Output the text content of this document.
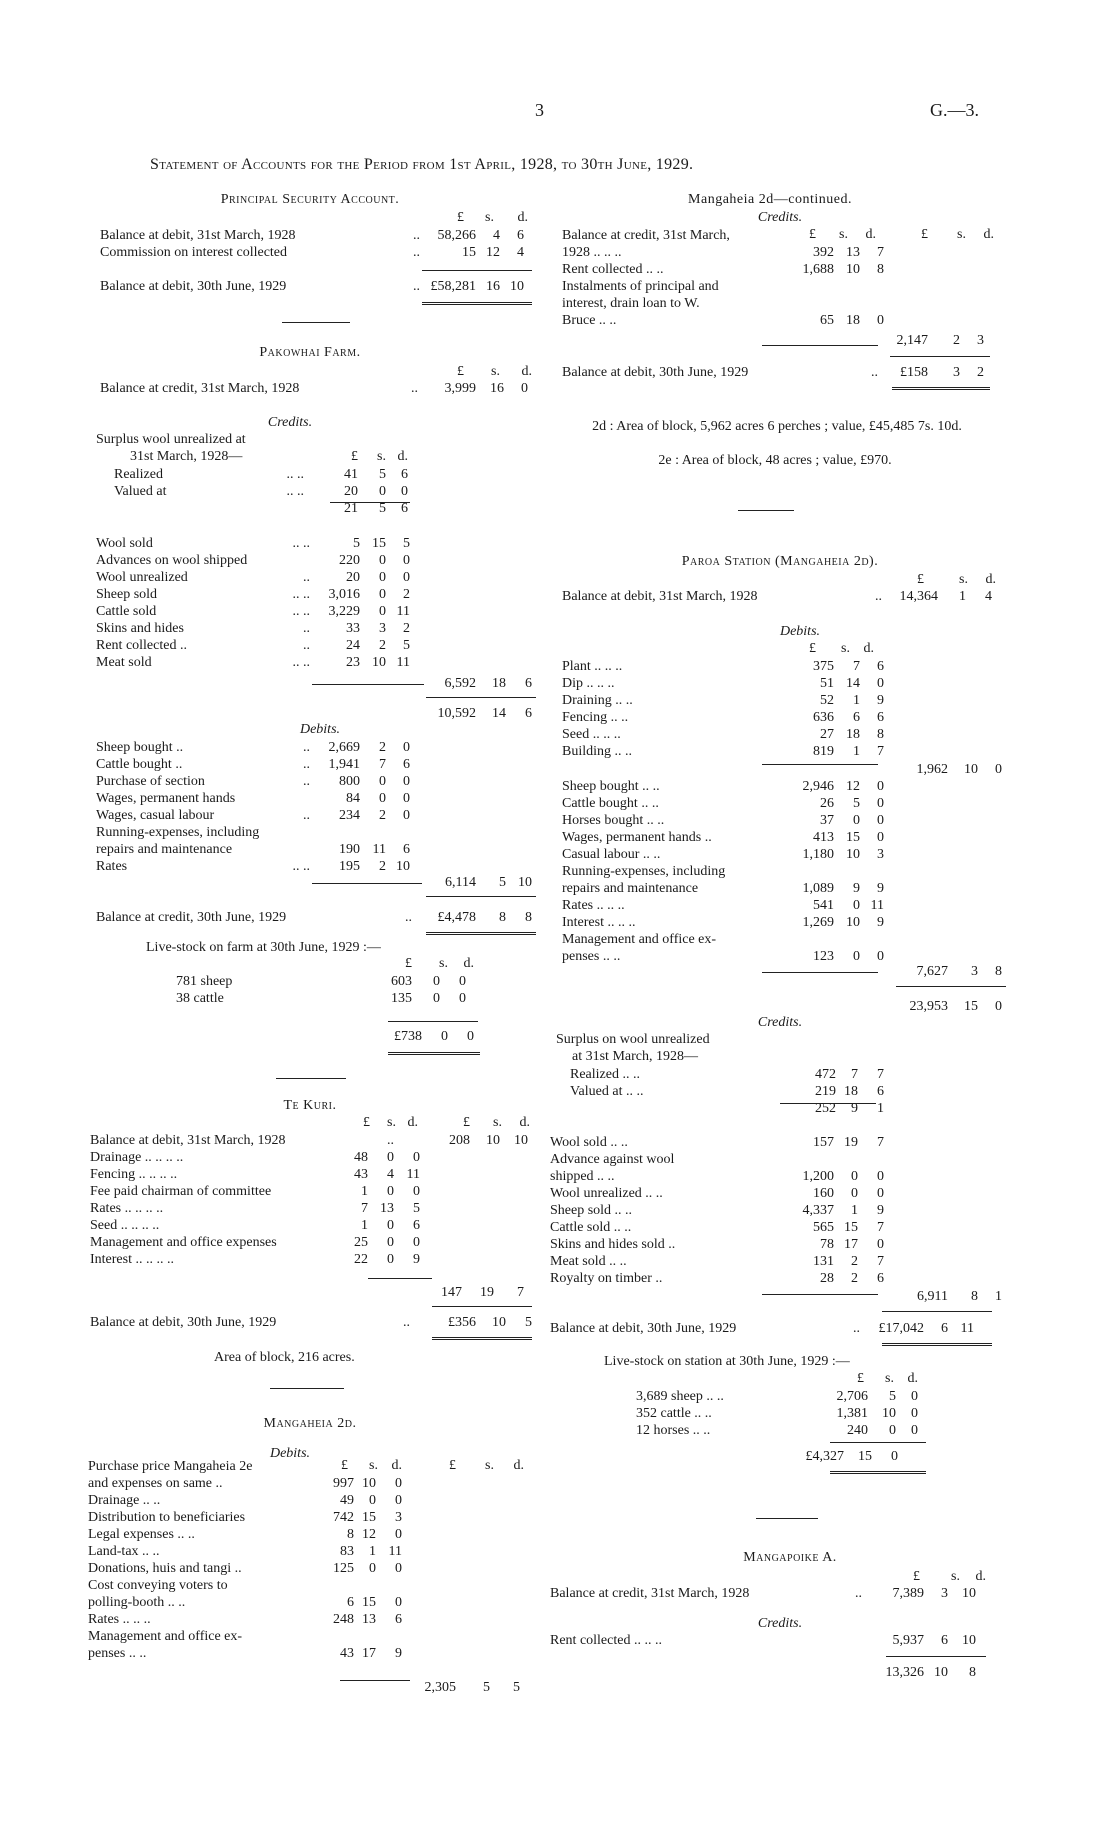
3	G.—3.
Statement of Accounts for the Period from 1st April, 1928, to 30th June, 1929.
Principal Security Account.
£	s.	d.
Balance at debit, 31st March, 1928	..	58,266	4	6
Commission on interest collected	..	15 12	4
Balance at debit, 30th June, 1929	.. £58,281 16 10
Pakowhai Farm.
£	s.	d.
Balance at credit, 31st March, 1928	..	3,999	16	0
Credits.
Surplus wool unrealized at
31st March, 1928—	£	s. d.
Realized	.. ..	41	5	6
Valued at	.. ..	20	0	0
21	5	6
Wool sold	.. ..	5 15	5
Advances on wool shipped	220	0	0
Wool unrealized	..	20	0	0
Sheep sold	.. ..	3,016	0	2
Cattle sold	.. ..	3,229	0 11
Skins and hides	..	33	3	2
Rent collected ..	..	24	2	5
Meat sold	.. ..	23 10 11
6,592	18	6
10,592	14	6
Debits.
Sheep bought ..	..	2,669	2	0
Cattle bought ..	..	1,941	7	6
Purchase of section	..	800	0	0
Wages, permanent hands	84	0	0
Wages, casual labour	..	234	2	0
Running-expenses, including
repairs and maintenance	190 11	6
Rates	.. ..	195	2 10
6,114	5 10
Balance at credit, 30th June, 1929	..	£4,478	8	8
Live-stock on farm at 30th June, 1929 :—
£	s.	d.
781 sheep	603	0	0
38 cattle	135	0	0
£738	0	0
Te Kuri.
£	s. d.	£	s.	d.
Balance at debit, 31st March, 1928	..	208	10	10
Drainage .. .. .. ..	48	0	0
Fencing .. .. .. ..	43	4 11
Fee paid chairman of committee	1	0	0
Rates .. .. .. ..	7 13	5
Seed .. .. .. ..	1	0	6
Management and office expenses	25	0	0
Interest .. .. .. ..	22	0	9
147	19	7
Balance at debit, 30th June, 1929	..	£356	10	5
Area of block, 216 acres.
Mangaheia 2d.
Debits.
£	s. d.	£	s.	d.
Purchase price Mangaheia 2e
and expenses on same ..	997 10	0
Drainage .. ..	49	0	0
Distribution to beneficiaries	742 15	3
Legal expenses .. ..	8 12	0
Land-tax .. ..	83	1 11
Donations, huis and tangi ..	125	0	0
Cost conveying voters to
polling-booth .. ..	6 15	0
Rates .. .. ..	248 13	6
Management and office ex-
penses .. ..	43 17	9
2,305	5	5
Mangaheia 2d—continued.
Credits.
£	s.	d.	£	s.	d.
Balance at credit, 31st March,
1928 .. .. ..	392 13	7
Rent collected .. ..	1,688 10	8
Instalments of principal and
interest, drain loan to W.
Bruce .. ..	65 18	0
2,147	2	3
Balance at debit, 30th June, 1929	..	£158	3	2
2d : Area of block, 5,962 acres 6 perches ; value, £45,485 7s. 10d.
2e : Area of block, 48 acres ; value, £970.
Paroa Station (Mangaheia 2d).
£	s.	d.
Balance at debit, 31st March, 1928	..	14,364	1	4
Debits.
£	s. d.
Plant .. .. ..	375	7	6
Dip .. .. ..	51 14	0
Draining .. ..	52	1	9
Fencing .. ..	636	6	6
Seed .. .. ..	27 18	8
Building .. ..	819	1	7
1,962	10	0
Sheep bought .. ..	2,946 12	0
Cattle bought .. ..	26	5	0
Horses bought .. ..	37	0	0
Wages, permanent hands ..	413 15	0
Casual labour .. ..	1,180 10	3
Running-expenses, including
repairs and maintenance	1,089	9	9
Rates .. .. ..	541	0 11
Interest .. .. ..	1,269 10	9
Management and office ex-
penses .. ..	123	0	0
7,627	3	8
23,953	15	0
Credits.
Surplus on wool unrealized
at 31st March, 1928—
Realized .. ..	472	7	7
Valued at .. ..	219 18	6
252	9	1
Wool sold .. ..	157 19	7
Advance against wool
shipped .. ..	1,200	0	0
Wool unrealized .. ..	160	0	0
Sheep sold .. ..	4,337	1	9
Cattle sold .. ..	565 15	7
Skins and hides sold ..	78 17	0
Meat sold .. ..	131	2	7
Royalty on timber ..	28	2	6
6,911	8	1
Balance at debit, 30th June, 1929	..	£17,042	6 11
Live-stock on station at 30th June, 1929 :—
£	s. d.
3,689 sheep .. ..	2,706	5	0
352 cattle .. ..	1,381	10	0
12 horses .. ..	240	0	0
£4,327	15	0
Mangapoike A.
£	s.	d.
Balance at credit, 31st March, 1928	..	7,389	3	10
Credits.
Rent collected .. .. ..	5,937	6	10
13,326 10	8
